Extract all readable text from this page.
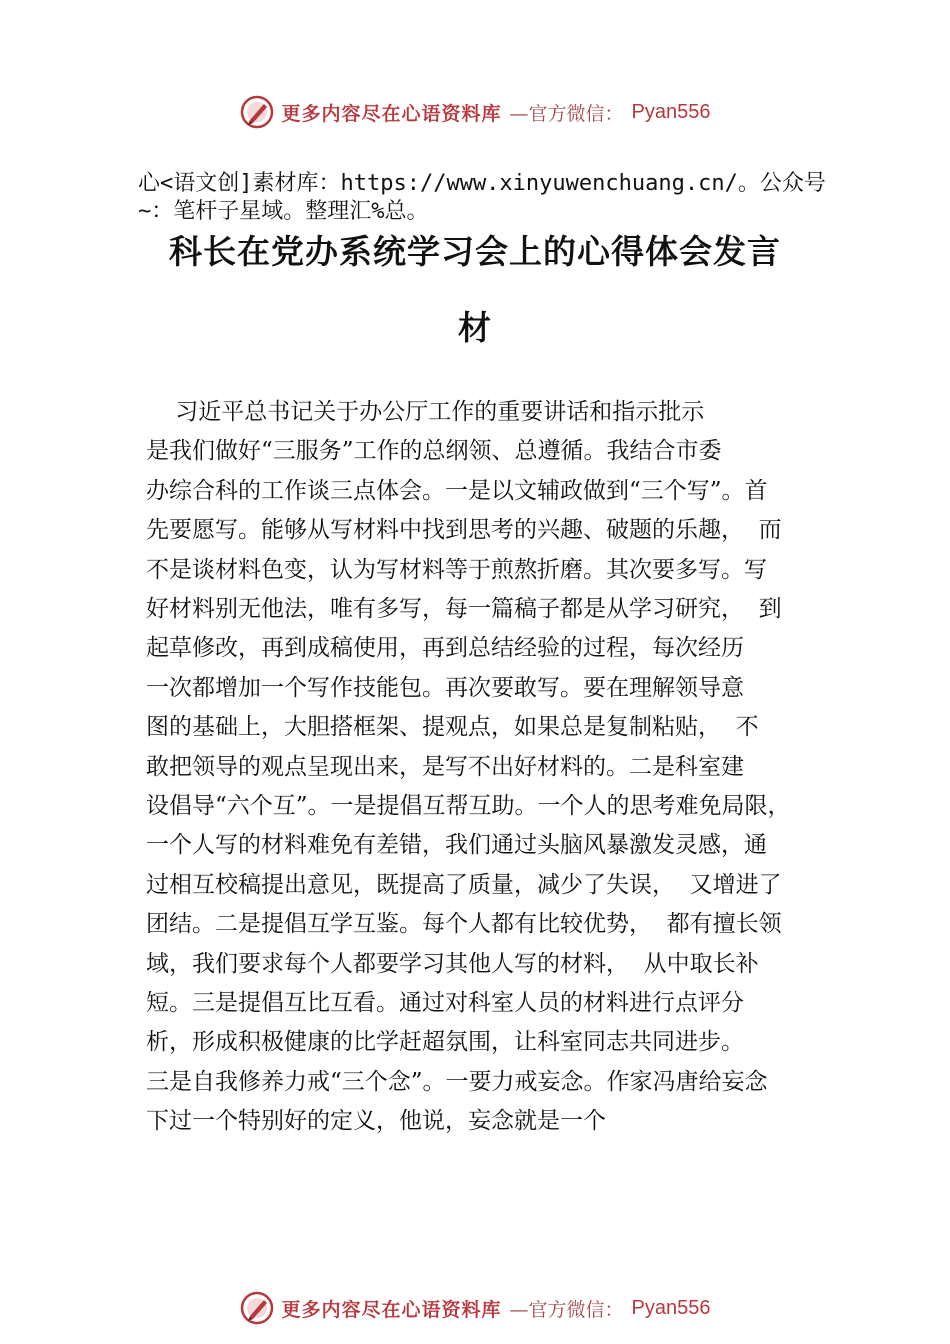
更多内容尽在心语资料库 —官方微信： Pyan556
心<语文创]素材库：https://www.xinyuwenchuang.cn/。公众号~：笔杆子星域。整理汇%总。
科长在党办系统学习会上的心得体会发言
材
习近平总书记关于办公厅工作的重要讲话和指示批示
是我们做好“三服务”工作的总纲领、总遵循。我结合市委
办综合科的工作谈三点体会。一是以文辅政做到“三个写”。首
先要愿写。能够从写材料中找到思考的兴趣、破题的乐趣，  而
不是谈材料色变，认为写材料等于煎熬折磨。其次要多写。写
好材料别无他法，唯有多写，每一篇稿子都是从学习研究，  到
起草修改，再到成稿使用，再到总结经验的过程，每次经历
一次都增加一个写作技能包。再次要敢写。要在理解领导意
图的基础上，大胆搭框架、提观点，如果总是复制粘贴，  不
敢把领导的观点呈现出来，是写不出好材料的。二是科室建
设倡导“六个互”。一是提倡互帮互助。一个人的思考难免局限，
一个人写的材料难免有差错，我们通过头脑风暴激发灵感，通
过相互校稿提出意见，既提高了质量，减少了失误，  又增进了
团结。二是提倡互学互鉴。每个人都有比较优势，  都有擅长领
域，我们要求每个人都要学习其他人写的材料，  从中取长补
短。三是提倡互比互看。通过对科室人员的材料进行点评分
析，形成积极健康的比学赶超氛围，让科室同志共同进步。
三是自我修养力戒“三个念”。一要力戒妄念。作家冯唐给妄念
下过一个特别好的定义，他说，妄念就是一个
更多内容尽在心语资料库 —官方微信： Pyan556
